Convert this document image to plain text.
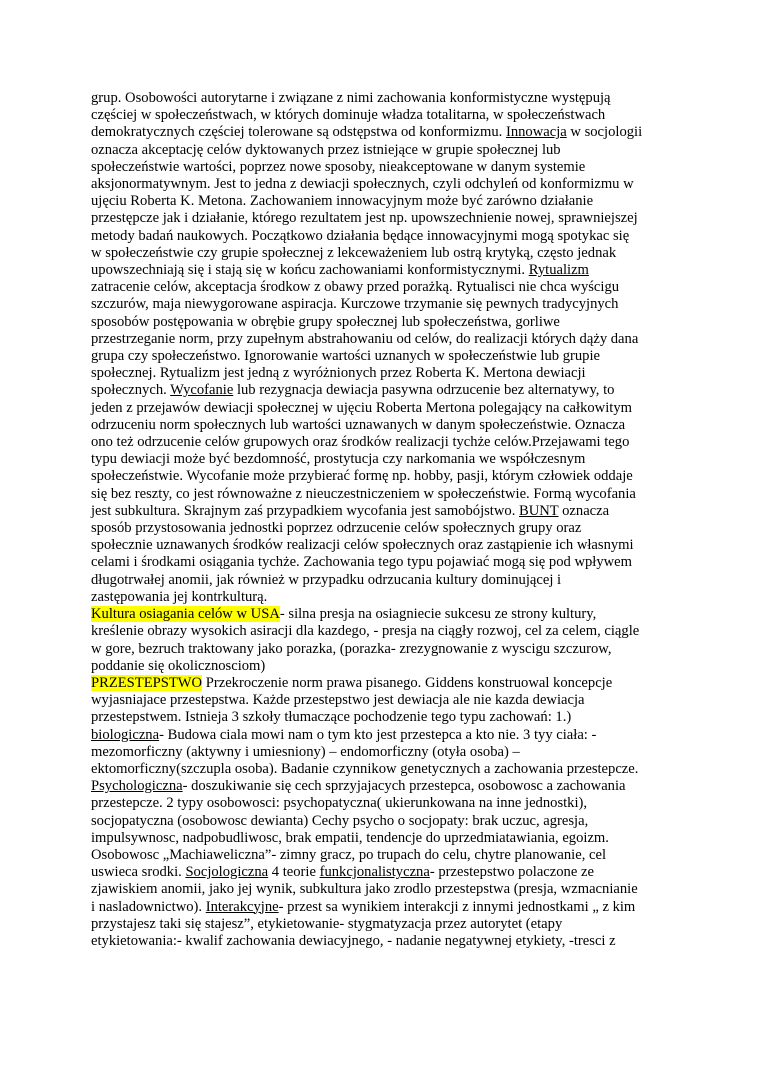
grup. Osobowości autorytarne i związane z nimi zachowania konformistyczne występują
częściej w społeczeństwach, w których dominuje władza totalitarna, w społeczeństwach
demokratycznych częściej tolerowane są odstępstwa od konformizmu. Innowacja w socjologii
oznacza akceptację celów dyktowanych przez istniejące w grupie społecznej lub
społeczeństwie wartości, poprzez nowe sposoby, nieakceptowane w danym systemie
aksjonormatywnym. Jest to jedna z dewiacji społecznych, czyli odchyleń od konformizmu w
ujęciu Roberta K. Metona. Zachowaniem innowacyjnym może być zarówno działanie
przestępcze jak i działanie, którego rezultatem jest np. upowszechnienie nowej, sprawniejszej
metody badań naukowych. Początkowo działania będące innowacyjnymi mogą spotykac się
w społeczeństwie czy grupie społecznej z lekceważeniem lub ostrą krytyką, często jednak
upowszechniają się i stają się w końcu zachowaniami konformistycznymi. Rytualizm
zatracenie celów, akceptacja środkow z obawy przed porażką. Rytualisci nie chca wyścigu
szczurów, maja niewygorowane aspiracja. Kurczowe trzymanie się pewnych tradycyjnych
sposobów postępowania w obrębie grupy społecznej lub społeczeństwa, gorliwe
przestrzeganie norm, przy zupełnym abstrahowaniu od celów, do realizacji których dąży dana
grupa czy społeczeństwo. Ignorowanie wartości uznanych w społeczeństwie lub grupie
społecznej. Rytualizm jest jedną z wyróżnionych przez Roberta K. Mertona dewiacji
społecznych. Wycofanie lub rezygnacja dewiacja pasywna odrzucenie bez alternatywy, to
jeden z przejawów dewiacji społecznej w ujęciu Roberta Mertona polegający na całkowitym
odrzuceniu norm społecznych lub wartości uznawanych w danym społeczeństwie. Oznacza
ono też odrzucenie celów grupowych oraz środków realizacji tychże celów.Przejawami tego
typu dewiacji może być bezdomność, prostytucja czy narkomania we współczesnym
społeczeństwie. Wycofanie może przybierać formę np. hobby, pasji, którym człowiek oddaje
się bez reszty, co jest równoważne z nieuczestniczeniem w społeczeństwie. Formą wycofania
jest subkultura. Skrajnym zaś przypadkiem wycofania jest samobójstwo. BUNT oznacza
sposób przystosowania jednostki poprzez odrzucenie celów społecznych grupy oraz
społecznie uznawanych środków realizacji celów społecznych oraz zastąpienie ich własnymi
celami i środkami osiągania tychże. Zachowania tego typu pojawiać mogą się pod wpływem
długotrwałej anomii, jak również w przypadku odrzucania kultury dominującej i
zastępowania jej kontrkulturą.
Kultura osiagania celów w USA- silna presja na osiagniecie sukcesu ze strony kultury,
kreślenie obrazy wysokich asiracji dla kazdego, - presja na ciągły rozwoj, cel za celem, ciągle
w gore, bezruch traktowany jako porazka, (porazka- zrezygnowanie z wyscigu szczurow,
poddanie się okolicznosciom)
PRZESTEPSTWO Przekroczenie norm prawa pisanego. Giddens konstruowal koncepcje
wyjasniajace przestepstwa. Każde przestepstwo jest dewiacja ale nie kazda dewiacja
przestepstwem. Istnieja 3 szkoły tłumaczące pochodzenie tego typu zachowań: 1.)
biologiczna- Budowa ciala mowi nam o tym kto jest przestepca a kto nie. 3 tyy ciała: -
mezomorficzny (aktywny i umiesniony) – endomorficzny (otyła osoba) –
ektomorficzny(szczupla osoba). Badanie czynnikow genetycznych a zachowania przestepcze.
Psychologiczna- doszukiwanie się cech sprzyjajacych przestepca, osobowosc a zachowania
przestepcze. 2 typy osobowosci: psychopatyczna( ukierunkowana na inne jednostki),
socjopatyczna (osobowosc dewianta) Cechy psycho o socjopaty: brak uczuc, agresja,
impulsywnosc, nadpobudliwosc, brak empatii, tendencje do uprzedmiatawiania, egoizm.
Osobowosc „Machiawelicznа”- zimny gracz, po trupach do celu, chytre planowanie, cel
uswieca srodki. Socjologiczna 4 teorie funkcjonalistyczna- przestepstwo polaczone ze
zjawiskiem anomii, jako jej wynik, subkultura jako zrodlo przestepstwa (presja, wzmacnianie
i nasladownictwo). Interakcyjne- przest sa wynikiem interakcji z innymi jednostkami „ z kim
przystajesz taki się stajesz”, etykietowanie- stygmatyzacja przez autorytet (etapy
etykietowania:- kwalif zachowania dewiacyjnego, - nadanie negatywnej etykiety, -tresci z
